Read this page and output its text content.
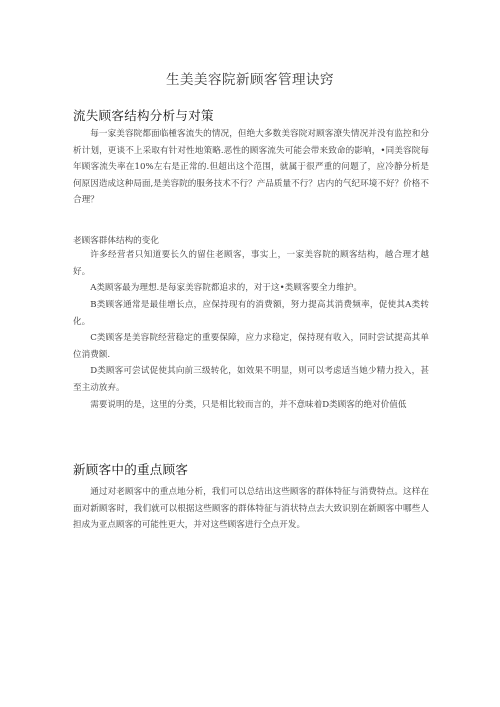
生美美容院新顾客管理诀窍
流失顾客结构分析与对策

每一家美容院都面临㮔客流失的情况，但绝大多数美容院对顾客潦失情况并没有监控和分析计划，更谈不上采取有针对性地策略.恶性的顾客流失可能会带来致命的影响，•同美容院每年顾客流失率在10%左右是正常的.但超出这个范围，就属于很严重的问题了，应冷静分析是何原因造成这种局面,是美容院的服务技术不行？产品质量不行？店内的气纪环境不好？价格不合理？

老顾客群体结构的变化

许多经营者只知道要长久的留住老顾客，事实上，一家美容院的顾客结构，越合理才越好。

A类顾客最为理想.是每家美容院都追求的，对于这•类顾客要全力维护。

B类顾客通常是最佳增长点，应保持现有的消费额，努力提高其消费频率，促使其A类转化。

C类顾客是美容院经营稳定的重要保障，应力求稳定，保持现有收入，同时尝试提高其单位消费额.

D类顾客可尝试促使其向前三级转化，如效果不明显，则可以考虑适当她少精力投入，甚至主动放弃。

需要说明的是，这里的分类，只是相比较而言的，并不意味着D类顾客的绝对价值低

新顾客中的重点顾客

通过对老顾客中的重点地分析，我们可以总结出这些顾客的群体特征与消费特点。这样在面对新顾客时，我们就可以根据这些顾客的群体特征与消状特点去大致识别在新顾客中哪些人担成为亚点顾客的可能性更大，并对这些顾客进行仝点开发。
